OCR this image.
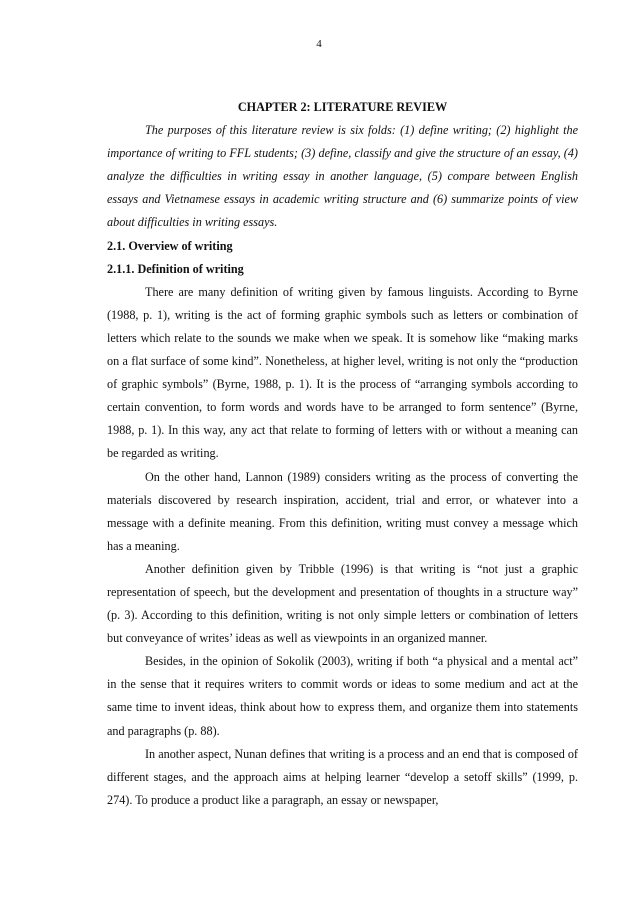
4

CHAPTER 2: LITERATURE REVIEW

The purposes of this literature review is six folds: (1) define writing; (2) highlight the importance of writing to FFL students; (3) define, classify and give the structure of an essay, (4) analyze the difficulties in writing essay in another language, (5) compare between English essays and Vietnamese essays in academic writing structure and (6) summarize points of view about difficulties in writing essays.

2.1. Overview of writing

2.1.1. Definition of writing

There are many definition of writing given by famous linguists. According to Byrne (1988, p. 1), writing is the act of forming graphic symbols such as letters or combination of letters which relate to the sounds we make when we speak. It is somehow like “making marks on a flat surface of some kind”. Nonetheless, at higher level, writing is not only the “production of graphic symbols” (Byrne, 1988, p. 1). It is the process of “arranging symbols according to certain convention, to form words and words have to be arranged to form sentence” (Byrne, 1988, p. 1). In this way, any act that relate to forming of letters with or without a meaning can be regarded as writing.

On the other hand, Lannon (1989) considers writing as the process of converting the materials discovered by research inspiration, accident, trial and error, or whatever into a message with a definite meaning. From this definition, writing must convey a message which has a meaning.

Another definition given by Tribble (1996) is that writing is “not just a graphic representation of speech, but the development and presentation of thoughts in a structure way” (p. 3). According to this definition, writing is not only simple letters or combination of letters but conveyance of writes’ ideas as well as viewpoints in an organized manner.

Besides, in the opinion of Sokolik (2003), writing if both “a physical and a mental act” in the sense that it requires writers to commit words or ideas to some medium and act at the same time to invent ideas, think about how to express them, and organize them into statements and paragraphs (p. 88).

In another aspect, Nunan defines that writing is a process and an end that is composed of different stages, and the approach aims at helping learner “develop a setoff skills” (1999, p. 274). To produce a product like a paragraph, an essay or newspaper,
